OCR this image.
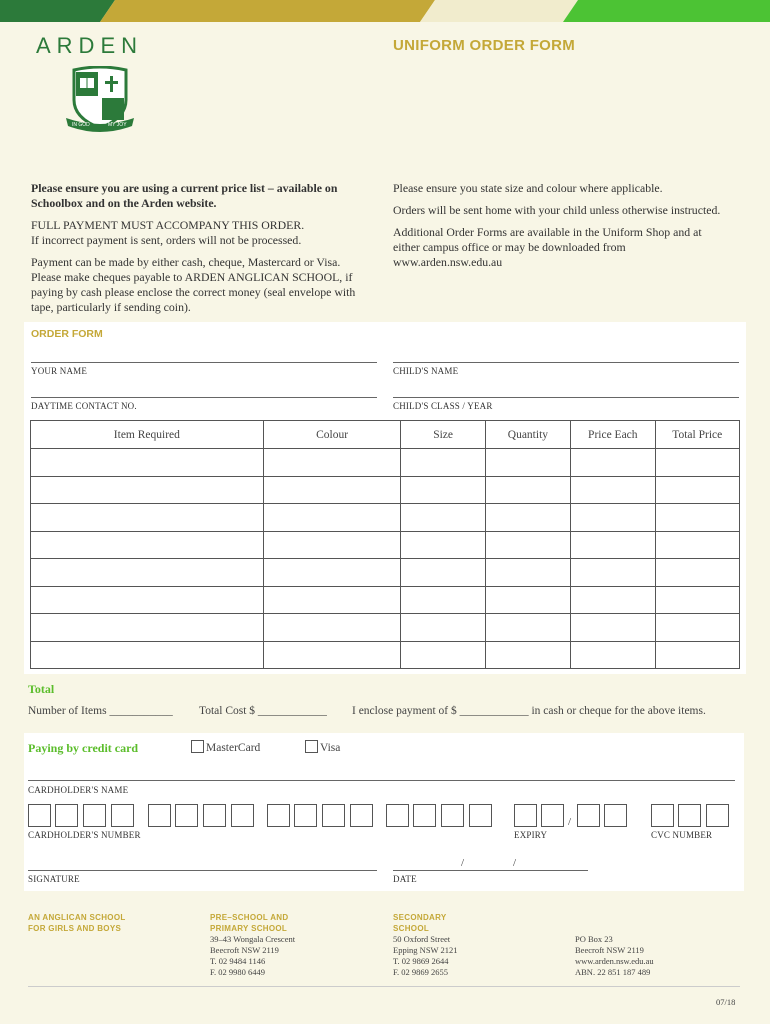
ARDEN
IN GOD	MY JOY
UNIFORM ORDER FORM

Please ensure you are using a current price list – available on Schoolbox and on the Arden website.

FULL PAYMENT MUST ACCOMPANY THIS ORDER.
If incorrect payment is sent, orders will not be processed.

Payment can be made by either cash, cheque, Mastercard or Visa. Please make cheques payable to ARDEN ANGLICAN SCHOOL, if paying by cash please enclose the correct money (seal envelope with tape, particularly if sending coin).

Please ensure you state size and colour where applicable.

Orders will be sent home with your child unless otherwise instructed.

Additional Order Forms are available in the Uniform Shop and at either campus office or may be downloaded from www.arden.nsw.edu.au

ORDER FORM
YOUR NAME	CHILD'S NAME
DAYTIME CONTACT NO.	CHILD'S CLASS / YEAR
Item Required	Colour	Size	Quantity	Price Each	Total Price

Total
Number of Items ___________ Total Cost $ ____________ I enclose payment of $ ____________ in cash or cheque for the above items.
Paying by credit card	MasterCard	Visa
CARDHOLDER'S NAME
CARDHOLDER'S NUMBER
/
EXPIRY	CVC NUMBER
SIGNATURE
/	/
DATE
AN ANGLICAN SCHOOL
FOR GIRLS AND BOYS
PRE–SCHOOL AND
PRIMARY SCHOOL
39–43 Wongala Crescent
Beecroft NSW 2119
T. 02 9484 1146
F. 02 9980 6449
SECONDARY
SCHOOL
50 Oxford Street
Epping NSW 2121
T. 02 9869 2644
F. 02 9869 2655
PO Box 23
Beecroft NSW 2119
www.arden.nsw.edu.au
ABN. 22 851 187 489
07/18
